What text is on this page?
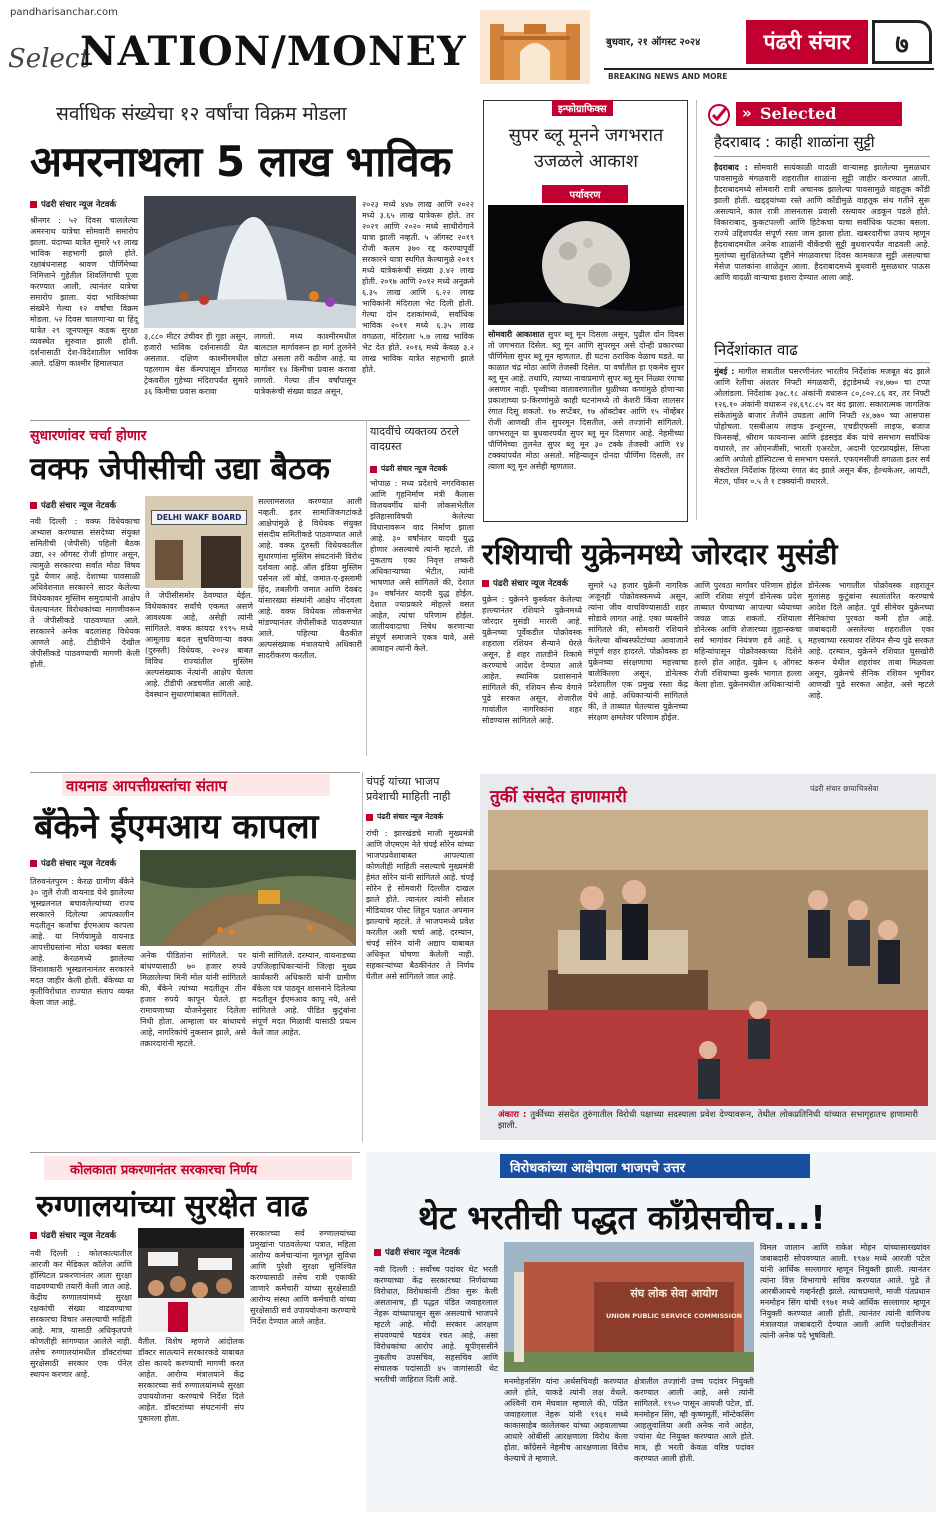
pandharisanchar.com
Select
NATION/MONEY	बुधवार, २१ ऑगस्ट २०२४
BREAKING NEWS AND MORE
पंढरी संचार	७
सर्वाधिक संख्येचा १२ वर्षांचा विक्रम मोडला
अमरनाथला 5 लाख भाविक
पंढरी संचार न्यूज नेटवर्क
श्रीनगर : ५२ दिवस चाललेल्या अमरनाथ यात्रेचा सोमवारी समारोप झाला. यंदाच्या यात्रेत सुमारे ५१ लाख भाविक सहभागी झाले होते. रक्षाबंधनासह श्रावण पौर्णिमेच्या निमित्ताने गुहेतील शिवलिंगाची पूजा करण्यात आली, त्यानंतर यात्रेचा समारोप झाला. यंदा भाविकांच्या संख्येने गेल्या १२ वर्षांचा विक्रम मोडला. ५२ दिवस चालणाऱ्या या हिंदू यात्रेत २९ जूनपासून कडक सुरक्षा व्यवस्थेत सुरुवात झाली होती. दर्शनासाठी देश-विदेशातील भाविक आले. दक्षिण काश्मीर हिमालयात
३,८८० मीटर उंचीवर ही गुहा असून, हजारो भाविक दर्शनासाठी येत असतात. दक्षिण काश्मीरमधील पहलगाम बेस कॅम्पपासून डोंगराळ ट्रेकवरील गुहेच्या मंदिरापर्यंत सुमारे ३६ किमीचा प्रवास करावा
लागतो. मध्य काश्मीरमधील बालटाल मार्गावरून हा मार्ग तुलनेने छोटा असला तरी कठीण आहे. या मार्गावर १४ किमीचा प्रवास करावा लागतो. गेल्या तीन वर्षांपासून यात्रेकरूंची संख्या वाढत असून,
२०२३ मध्ये ४४७ लाख आणि २०२२ मध्ये ३.६५ लाख यात्रेकरू होते. तर २०२१ आणि २०२० मध्ये साथीरोगाने यात्रा झाली नव्हती. ५ ऑगस्ट २०१९ रोजी कलम ३७० रद्द करण्यापूर्वी सरकारने यात्रा स्थगित केल्यामुळे २०१९ मध्ये यात्रेकरूंची संख्या ३.४२ लाख होती. २०१७ आणि २०१२ मध्ये अनुक्रमे ६.३५ लाख आणि ६.२२ लाख भाविकांनी मंदिराला भेट दिली होती. गेल्या दोन दशकांमध्ये, सर्वाधिक भाविक २०११ मध्ये ६.३५ लाख वगळता, मंदिराला ५.७ लाख भाविक भेट देत होते. २०१६ मध्ये केवळ ३.२ लाख भाविक यात्रेत सहभागी झाले होते.
इन्फोग्राफिक्स
सुपर ब्लू मूनने जगभरात उजळले आकाश
पर्यावरण
सोमवारी आकाशात सुपर ब्लू मून दिसला असून, पुढील दोन दिवस तो जगभरात दिसेल. ब्लू मून आणि सुपरमून असे दोन्ही प्रकारच्या पौर्णिमेला सुपर ब्लू मून म्हणतात. ही घटना ठराविक वेळाच घडते. या काळात चंद्र मोठा आणि तेजस्वी दिसेल. या वर्षांतील हा एकमेव सुपर ब्लू मून आहे. तथापि, त्याच्या नावाप्रमाणे सुपर ब्लू मून निळ्या रंगाचा असणार नाही. पृथ्वीच्या वातावरणातील धुळीच्या कणांमुळे होणाऱ्या प्रकाशाच्या प्र-किरणांमुळे काही घटनांमध्ये तो केशरी किंवा लालसर रंगात दिसू शकतो. १७ सप्टेंबर, १७ ऑक्टोबर आणि १५ नोव्हेंबर रोजी आणखी तीन सुपरमून दिसतील, असे तज्ज्ञांनी सांगितले. जगभरातून या बुधवारपर्यंत सुपर ब्लू मून दिसणार आहे. नेहमीच्या पौर्णिमेच्या तुलनेत सुपर ब्लू मून ३० टक्के तेजस्वी आणि १४ टक्क्यांपर्यंत मोठा असतो. महिन्यातून दोनदा पौर्णिमा दिसली, तर त्याला ब्लू मून असेही म्हणतात.
» Selected
हैदराबाद : काही शाळांना सुट्टी
हैदराबाद : सोमवारी सायंकाळी वादळी वाऱ्यासह झालेल्या मुसळधार पावसामुळे मंगळवारी शहरातील शाळांना सुट्टी जाहीर करण्यात आली. हैदराबादमध्ये सोमवारी रात्री अचानक झालेल्या पावसामुळे वाहतूक कोंडी झाली होती. खड्ड्यांच्या रस्ते आणि कोंडीमुळे वाहतूक संथ गतीने सुरू असल्याने, काल रात्री तासनतास प्रवासी रस्त्यावर अडकून पडले होते. विकाराबाद, कुकटपल्ली आणि हिटेकचा याचा सर्वाधिक फटका बसला. राज्ये उद्दिशपर्यंत संपूर्ण रस्ता जाम झाला होता. खबरदारीचा उपाय म्हणून हैदराबादमधील अनेक शाळांनी वीकेंडची सुट्टी बुधवारपर्यंत वाढवली आहे. मुलांच्या सुरक्षिततेच्या दृष्टीने मंगळवारचा दिवस कामकाज सुट्टी असल्याचा मेसेज पालकांना शाळेतून आला. हैदराबादमध्ये बुधवारी मुसळधार पाऊस आणि वादळी वाऱ्याचा इशारा देण्यात आला आहे.
निर्देशांकात वाढ
मुंबई : मागील सत्रातील घसरणीनंतर भारतीय निर्देशांक मजबूत बंद झाले आणि रेलींचा अंशतर निफ्टी मंगळवारी, इंट्राडेमध्ये २४,७७० चा टप्पा ओलांडला. निर्देशांक ३७८.१८ अंकांनी वधारून ८०,८०२.८६ वर, तर निफ्टी १२६.१० अंकांनी वधारून २४,६९८.८५ वर बंद झाला. सकारात्मक जागतिक संकेतांमुळे बाजार तेजीने उघडला आणि निफ्टी २४,७७० च्या आसपास पोहोचला. एसबीआय लाइफ इन्शुरन्स, एचडीएफसी लाइफ, बजाज फिनसर्व्ह, श्रीराम फायनान्स आणि इंडसइंड बँक यांचे समभाग सर्वाधिक वधारले, तर ओएनजीसी, भारती एअरटेल, अदानी एंटरप्रायझेस, सिप्ला आणि अपोलो हॉस्पिटल्स चे समभाग घसरले. एफएमसीजी वगळता इतर सर्व सेक्टोरल निर्देशांक हिरव्या रंगात बंद झाले असून बँक, हेल्थकेअर, आयटी, मेटल, पॉवर ०.५ ते १ टक्क्यांनी वधारले.
सुधारणांवर चर्चा होणार
वक्फ जेपीसीची उद्या बैठक
पंढरी संचार न्यूज नेटवर्क
नवी दिल्ली : वक्फ विधेयकाचा अभ्यास करण्यास संसदेच्या संयुक्त समितीची (जेपीसी) पहिली बैठक उद्या, २२ ऑगस्ट रोजी होणार असून, त्यामुळे सरकारचा सर्वात मोठा विषय पुढे येणार आहे. देशाच्या पावसाळी अधिवेशनात सरकारने सादर केलेल्या विधेयकावर मुस्लिम समुदायांनी आक्षेप घेतल्यानंतर विरोधकांच्या मागणीवरून ते जेपीसीकडे पाठवण्यात आले. सरकारने अनेक बदलांसह विधेयक आणले आहे. टीडीपीने देखील जेपीसीकडे पाठवण्याची मागणी केली होती.
DELHI WAKF BOARD
ते जेपीसीसमोर ठेवण्यात येईल. विधेयकावर सर्वांचे एकमत असणे आवश्यक आहे, असेही त्यांनी सांगितले. वक्फ कायदा १९९५ मध्ये आमूलाग्र बदल सुचविणाऱ्या वक्फ (दुरुस्ती) विधेयक, २०२४ बाबत विविध राज्यांतील मुस्लिम अल्पसंख्याक नेत्यांनी आक्षेप घेतला आहे. टीडीपी अडचणीत आली आहे. देवस्थान सुधारणांबाबत सांगितले.
सल्लामसलत करण्यात आली नव्हती. इतर सामाजिकगटांकडे आक्षेपांमुळे हे विधेयक संयुक्त संसदीय समितीकडे पाठवण्यात आले आहे. वक्फ दुरुस्ती विधेयकातील सुधारणांना मुस्लिम संघटनांनी विरोध दर्शवला आहे. ऑल इंडिया मुस्लिम पर्सनल लॉ बोर्ड, जमात-ए-इस्लामी हिंद, तबलीगी जमात आणि देवबंद यांसारख्या संस्थांनी आक्षेप नोंदवला आहे. वक्फ विधेयक लोकसभेत मांडण्यानंतर जेपीसीकडे पाठवण्यात आले. पहिल्या बैठकीत अल्पसंख्याक मंत्रालयाचे अधिकारी सादरीकरण करतील.
यादवींचे व्यक्तव्य ठरले वादग्रस्त
पंढरी संचार न्यूज नेटवर्क
भोपाळ : मध्य प्रदेशचे नगरविकास आणि गृहनिर्माण मंत्री कैलास विजयवर्गीय यांनी लोकसभेतील इतिहासाविषयी केलेल्या विधानावरून वाद निर्माण झाला आहे. ३० वर्षांनंतर यादवी युद्ध होणार असल्याचे त्यांनी म्हटले. ती नुकताच एका निवृत्त लष्करी अधिकाऱ्याच्या भेटीत, त्यांनी भाषणात असे सांगितले की, देशात ३० वर्षांनंतर यादवी युद्ध होईल. देशात ज्याप्रकारे मोहल्ले वसत आहेत, त्यांचा परिणाम होईल. जातीयवादाचा निषेध करणाऱ्या संपूर्ण समाजाने एकत्र यावे, असे आवाहन त्यांनी केले.
रशियाची युक्रेनमध्ये जोरदार मुसंडी
पंढरी संचार न्यूज नेटवर्क
युक्रेन : युक्रेनने कुर्स्कवर केलेल्या हल्ल्यानंतर रशियाने युक्रेनमध्ये जोरदार मुसंडी मारली आहे. युक्रेनच्या पूर्वेकडील पोक्रोवस्क शहराला रशियन सैन्याने घेरले असून, हे शहर तातडीने रिकामे करण्याचे आदेश देण्यात आले आहेत. स्थानिक प्रशासनाने सांगितले की, रशियन सैन्य वेगाने पुढे सरकत असून, शेजारील गावांतील नागरिकांना शहर सोडण्यास सांगितले आहे.
सुमारे ५३ हजार युक्रेनी नागरिक अजूनही पोक्रोवस्कमध्ये असून, त्यांना जीव वाचविण्यासाठी शहर सोडावे लागत आहे. एका व्यक्तीने सांगितले की, सोमवारी रशियाने केलेल्या बॉम्बस्फोटांच्या आवाजाने संपूर्ण शहर हादरले. पोक्रोवस्क हा युक्रेनच्या संरक्षणाचा महत्त्वाचा बालेकिल्ला असून, डोनेत्स्क प्रदेशातील एक प्रमुख रस्ता केंद्र येथे आहे. अधिकाऱ्यांनी सांगितले की, ते ताब्यात घेतल्यास युक्रेनच्या संरक्षण क्षमतेवर परिणाम होईल.
आणि पुरवठा मार्गांवर परिणाम होईल आणि रशिया संपूर्ण डोनेत्स्क प्रदेश ताब्यात घेण्याच्या आपल्या ध्येयाच्या जवळ जाऊ शकतो. रशियाला डोनेत्स्क आणि शेजारच्या लुहान्स्कचा सर्व भागांवर नियंत्रण हवे आहे. ६ महिन्यांपासून पोक्रोवस्कच्या दिशेने हल्ले होत आहेत. युक्रेन ६ ऑगस्ट रोजी रशियाच्या कुर्स्क भागात हल्ला केला होता. युक्रेनमधील अधिकाऱ्यांनी
डोनेत्स्क भागातील पोक्रोवस्क शहरातून मुलांसह कुटुंबांना स्थलांतरित करण्याचे आदेश दिले आहेत. पूर्व सीमेवर युक्रेनच्या सैनिकांचा पुरवठा कमी होत आहे. जबाबदारी असलेल्या शहरातील एका महत्त्वाच्या रस्त्यावर रशियन सैन्य पुढे सरकत आहे. दरम्यान, युक्रेनने रशियात घुसखोरी करून येथील शहरांवर ताबा मिळवला असून, युक्रेनचे सैनिक रशियन भूमीवर आणखी पुढे सरकत आहेत, असे म्हटले आहे.
वायनाड आपत्तीग्रस्तांचा संताप
बँकेने ईएमआय कापला
पंढरी संचार न्यूज नेटवर्क
तिरुवनंतपुरम : केरळ ग्रामीण बँकेने ३० जुलै रोजी वायनाड येथे झालेल्या भूस्खलनात बचावलेल्यांच्या राज्य सरकारने दिलेल्या आपत्कालीन मदतीतून कर्जाचा ईएमआय कापला आहे. या निर्णयामुळे वायनाड आपत्तीग्रस्तांना मोठा धक्का बसला आहे. केरळमध्ये झालेल्या विनाशकारी भूस्खलनानंतर सरकारने मदत जाहीर केली होती. बँकेच्या या कृतीविरोधात राज्यात संताप व्यक्त केला जात आहे.
अनेक पीडितांना सांगितले. पर बांधण्यासाठी ७० हजार रुपये मिळालेल्या मिनी मोल यांनी सांगितले की, बँकेने त्यांच्या मदतीतून तीन हजार रुपये कापून घेतले. हा रामायणाच्या योजनेनुसार दिलेला निधी होता. आम्हाला घर बांधायचे आहे, नागरिकांचे नुकसान झाले, असे तक्रारदारांनी म्हटले.
यांनी सांगितले. दरम्यान, वायनाडच्या उपजिल्हाधिकाऱ्यांनी जिल्हा मुख्य कार्यकारी अधिकारी यांनी ग्रामीण बँकेला पत्र पाठवून शासनाने दिलेल्या मदतीतून ईएमआय कापू नये, असे सांगितले आहे. पीडित कुटुंबांना संपूर्ण मदत मिळावी यासाठी प्रयत्न केले जात आहेत.
चंपई यांच्या भाजप प्रवेशाची माहिती नाही
पंढरी संचार न्यूज नेटवर्क
रांची : झारखंडचे माजी मुख्यमंत्री आणि जेएमएम नेते चंपई सोरेन यांच्या भाजपप्रवेशाबाबत आपल्याला कोणतीही माहिती नसल्याचे मुख्यमंत्री हेमंत सोरेन यांनी सांगितले आहे. चंपई सोरेन हे सोमवारी दिल्लीत दाखल झाले होते. त्यानंतर त्यांनी सोशल मीडियावर पोस्ट लिहून पक्षात अपमान झाल्याचे म्हटले. ते भाजपमध्ये प्रवेश करतील अशी चर्चा आहे. दरम्यान, चंपई सोरेन यांनी अद्याप याबाबत अधिकृत घोषणा केलेली नाही. सहकाऱ्यांच्या बैठकीनंतर ते निर्णय घेतील असे सांगितले जात आहे.
तुर्की संसदेत हाणामारी	पंढरी संचार छायाचित्रसेवा
अंकारा : तुर्कीच्या संसदेत तुरुंगातील विरोधी पक्षाच्या सदस्याला प्रवेश देण्यावरून, तेथील लोकप्रतिनिधी यांच्यात सभागृहातच हाणामारी झाली.
कोलकाता प्रकरणानंतर सरकारचा निर्णय
रुग्णालयांच्या सुरक्षेत वाढ
पंढरी संचार न्यूज नेटवर्क
नवी दिल्ली : कोलकात्यातील आरजी कर मेडिकल कॉलेज आणि हॉस्पिटल प्रकरणानंतर आता सुरक्षा वाढवण्याची तयारी केली जात आहे. केंद्रीय रुग्णालयांमध्ये सुरक्षा रक्षकांची संख्या वाढवण्याचा सरकारचा विचार असल्याची माहिती आहे. मात्र, यासाठी अधिकृतपणे कोणतीही सांगण्यात आलेले नाही. तसेच रुग्णालयांमधील डॉक्टरांच्या सुरक्षेसाठी सरकार एक पॅनेल स्थापन करणार आहे.
वैतील. विशेष म्हणजे आंदोलक डॉक्टर सातत्याने सरकारकडे याबाबत ठोस कायदे करण्याची मागणी करत आहेत. आरोग्य मंत्रालयाने केंद्र सरकारच्या सर्व रुग्णालयांमध्ये सुरक्षा उपाययोजना करण्याचे निर्देश दिले आहेत. डॉक्टरांच्या संघटनांनी संप पुकारला होता.
सरकारच्या सर्व रुग्णालयांच्या प्रमुखांना पाठवलेल्या पत्रात, महिला आरोग्य कर्मचाऱ्यांना मूलभूत सुविधा आणि पुरेशी सुरक्षा सुनिश्चित करण्यासाठी तसेच रात्री एकाकी जाणारे कर्मचारी यांच्या सुरक्षेसाठी आरोग्य संस्था आणि कर्मचारी यांच्या सुरक्षेसाठी सर्व उपाययोजना करण्याचे निर्देश देण्यात आले आहेत.
विरोधकांच्या आक्षेपाला भाजपचे उत्तर
थेट भरतीची पद्धत काँग्रेसचीच...!
पंढरी संचार न्यूज नेटवर्क
नवी दिल्ली : सर्वोच्च पदांवर थेट भरती करण्याच्या केंद्र सरकारच्या निर्णयाच्या विरोधात, विरोधकांनी टीका सुरू केली असतानाच, ही पद्धत पंडित जवाहरलाल नेहरू यांच्यापासून सुरू असल्याचे भाजपने म्हटले आहे. मोदी सरकार आरक्षण संपवण्याचे षडयंत्र रचत आहे, असा विरोधकांचा आरोप आहे. यूपीएससीने नुकतीच उपसचिव, सहसचिव आणि संचालक पदांसाठी ४५ जागांसाठी थेट भरतीची जाहिरात दिली आहे.
संघ लोक सेवा आयोग
UNION PUBLIC SERVICE COMMISSION
मनमोहनसिंग यांना अर्थसचिवही करण्यात आले होते, याकडे त्यांनी लक्ष वेधले. अश्विनी राम मेघवाल म्हणाले की, पंडित जवाहरलाल नेहरू यांनी १९६१ मध्ये काकासाहेब कालेलकर यांच्या अहवालाच्या आधारे ओबीसी आरक्षणाला विरोध केला होता. काँग्रेसने नेहमीच आरक्षणाला विरोध केल्याचे ते म्हणाले.
क्षेत्रातील तज्ज्ञांनी उच्च पदांवर नियुक्ती करण्यात आली आहे, असे त्यांनी सांगितले. १९५० पासून आयजी पटेल, डॉ. मनमोहन सिंग, व्ही कृष्णमूर्ती, मॉन्टेकसिंग आहलुवालिया अशी अनेक नावे आहेत, ज्यांना थेट नियुक्त करण्यात आले होते. मात्र, ही भरती केवळ वरिष्ठ पदांवर करण्यात आली होती.
विमल जालान आणि राकेश मोहन यांच्यासारख्यांवर जबाबदारी सोपवण्यात आली. १९७४ मध्ये आरजी पटेल यांनी आर्थिक सल्लागार म्हणून नियुक्ती झाली. त्यानंतर त्यांना वित्त विभागाचे सचिव करण्यात आले. पुढे ते आरबीआयचे गव्हर्नरही झाले. त्याचप्रमाणे, माजी पंतप्रधान मनमोहन सिंग यांची १९७१ मध्ये आर्थिक सल्लागार म्हणून नियुक्ती करण्यात आली होती. त्यानंतर त्यांनी वाणिज्य मंत्रालयात जबाबदारी देण्यात आली आणि पदोन्नतीनंतर त्यांनी अनेक पदे भूषविली.
